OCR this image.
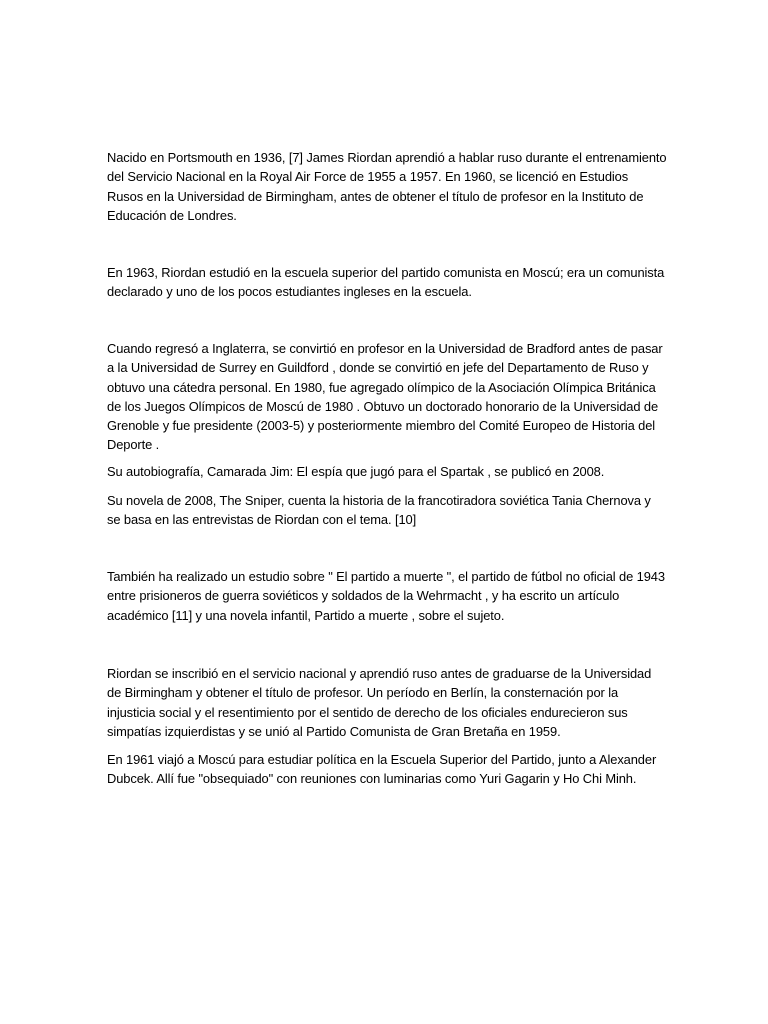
Nacido en Portsmouth en 1936, [7] James Riordan aprendió a hablar ruso durante el entrenamiento del Servicio Nacional en la Royal Air Force de 1955 a 1957. En 1960, se licenció en Estudios Rusos en la Universidad de Birmingham, antes de obtener el título de profesor en la Instituto de Educación de Londres.

En 1963, Riordan estudió en la escuela superior del partido comunista en Moscú; era un comunista declarado y uno de los pocos estudiantes ingleses en la escuela.

Cuando regresó a Inglaterra, se convirtió en profesor en la Universidad de Bradford antes de pasar a la Universidad de Surrey en Guildford , donde se convirtió en jefe del Departamento de Ruso y obtuvo una cátedra personal. En 1980, fue agregado olímpico de la Asociación Olímpica Británica de los Juegos Olímpicos de Moscú de 1980 . Obtuvo un doctorado honorario de la Universidad de Grenoble y fue presidente (2003-5) y posteriormente miembro del Comité Europeo de Historia del Deporte .

Su autobiografía, Camarada Jim: El espía que jugó para el Spartak , se publicó en 2008.

Su novela de 2008, The Sniper, cuenta la historia de la francotiradora soviética Tania Chernova y se basa en las entrevistas de Riordan con el tema. [10]

También ha realizado un estudio sobre " El partido a muerte ", el partido de fútbol no oficial de 1943 entre prisioneros de guerra soviéticos y soldados de la Wehrmacht , y ha escrito un artículo académico [11] y una novela infantil, Partido a muerte , sobre el sujeto.

Riordan se inscribió en el servicio nacional y aprendió ruso antes de graduarse de la Universidad de Birmingham y obtener el título de profesor. Un período en Berlín, la consternación por la injusticia social y el resentimiento por el sentido de derecho de los oficiales endurecieron sus simpatías izquierdistas y se unió al Partido Comunista de Gran Bretaña en 1959.

En 1961 viajó a Moscú para estudiar política en la Escuela Superior del Partido, junto a Alexander Dubcek. Allí fue "obsequiado" con reuniones con luminarias como Yuri Gagarin y Ho Chi Minh.
